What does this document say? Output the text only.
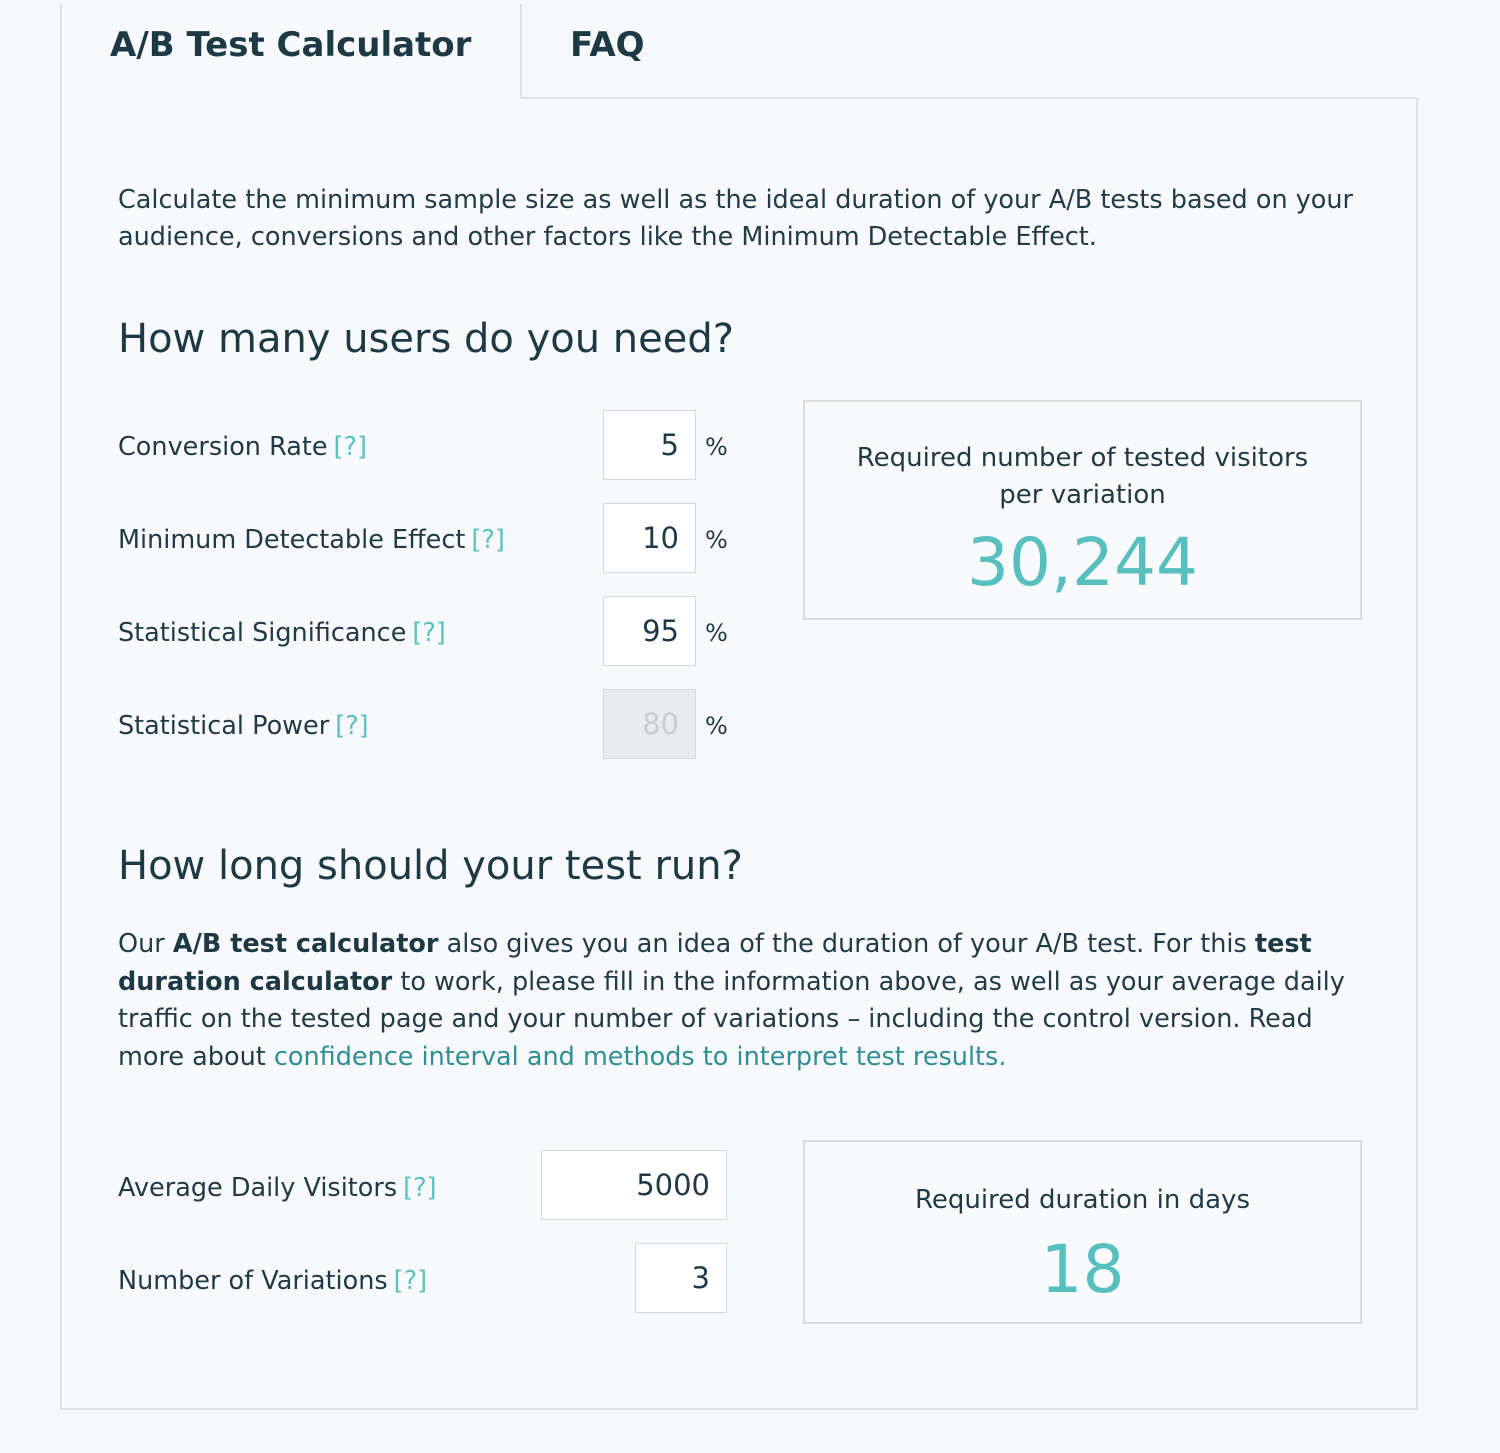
A/B Test Calculator	FAQ
Calculate the minimum sample size as well as the ideal duration of your A/B tests based on your audience, conversions and other factors like the Minimum Detectable Effect.
How many users do you need?
Conversion Rate [?]
5	%
Minimum Detectable Effect [?]
10	%
Statistical Significance [?]
95	%
Statistical Power [?]
80	%
Required number of tested visitors
per variation
30,244
How long should your test run?
Our A/B test calculator also gives you an idea of the duration of your A/B test. For this test duration calculator to work, please fill in the information above, as well as your average daily traffic on the tested page and your number of variations – including the control version. Read more about confidence interval and methods to interpret test results.
Average Daily Visitors [?]
5000
Number of Variations [?]
3
Required duration in days
18
